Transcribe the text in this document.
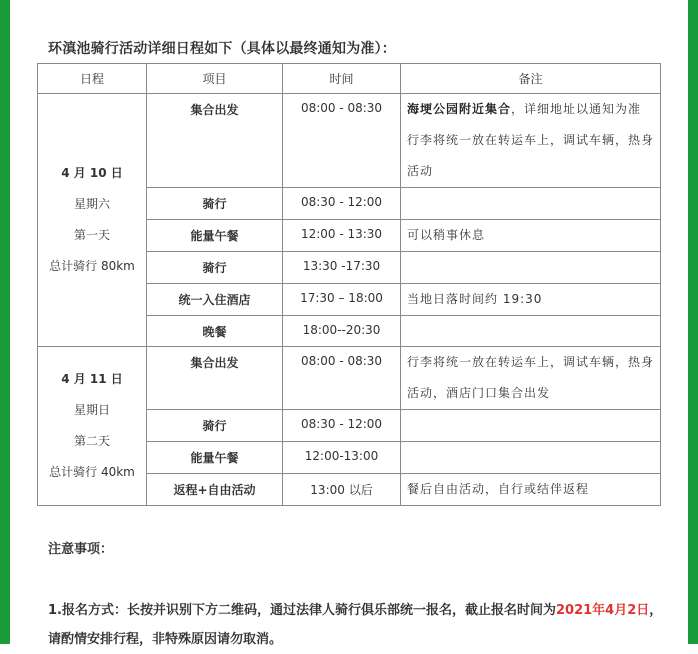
环滇池骑行活动详细日程如下（具体以最终通知为准）：
日程	项目	时间	备注

4 月 10 日
星期六
第一天
总计骑行 80km	集合出发	08:00 - 08:30	海埂公园附近集合，详细地址以通知为准行李将统一放在转运车上，调试车辆，热身活动
	骑行	08:30 - 12:00	
	能量午餐	12:00 - 13:30	可以稍事休息
	骑行	13:30 -17:30	
	统一入住酒店	17:30 – 18:00	当地日落时间约 19:30
	晚餐	18:00--20:30	

4 月 11 日
星期日
第二天
总计骑行 40km	集合出发	08:00 - 08:30	行李将统一放在转运车上，调试车辆，热身活动，酒店门口集合出发
	骑行	08:30 - 12:00	
	能量午餐	12:00-13:00	
	返程+自由活动	13:00 以后	餐后自由活动，自行或结伴返程
注意事项：
1.报名方式：长按并识别下方二维码，通过法律人骑行俱乐部统一报名，截止报名时间为2021年4月2日，请酌情安排行程，非特殊原因请勿取消。
